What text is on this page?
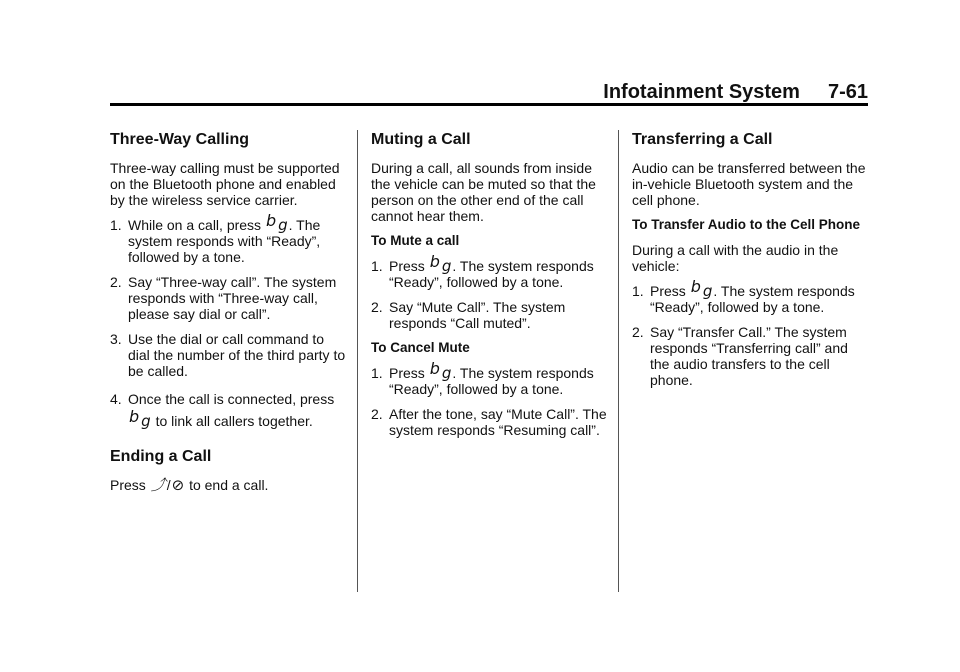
Infotainment System 7-61
Three-Way Calling

Three-way calling must be supported on the Bluetooth phone and enabled by the wireless service carrier.

1. While on a call, press b g. The system responds with “Ready”, followed by a tone.
2. Say “Three-way call”. The system responds with “Three-way call, please say dial or call”.
3. Use the dial or call command to dial the number of the third party to be called.
4. Once the call is connected, press b g to link all callers together.
Ending a Call

Press ⤴/⊘ to end a call.

Muting a Call

During a call, all sounds from inside the vehicle can be muted so that the person on the other end of the call cannot hear them.

To Mute a call
1. Press b g. The system responds “Ready”, followed by a tone.
2. Say “Mute Call”. The system responds “Call muted”.
To Cancel Mute
1. Press b g. The system responds “Ready”, followed by a tone.
2. After the tone, say “Mute Call”. The system responds “Resuming call”.
Transferring a Call

Audio can be transferred between the in-vehicle Bluetooth system and the cell phone.

To Transfer Audio to the Cell Phone

During a call with the audio in the vehicle:

1. Press b g. The system responds “Ready”, followed by a tone.
2. Say “Transfer Call.” The system responds “Transferring call” and the audio transfers to the cell phone.
